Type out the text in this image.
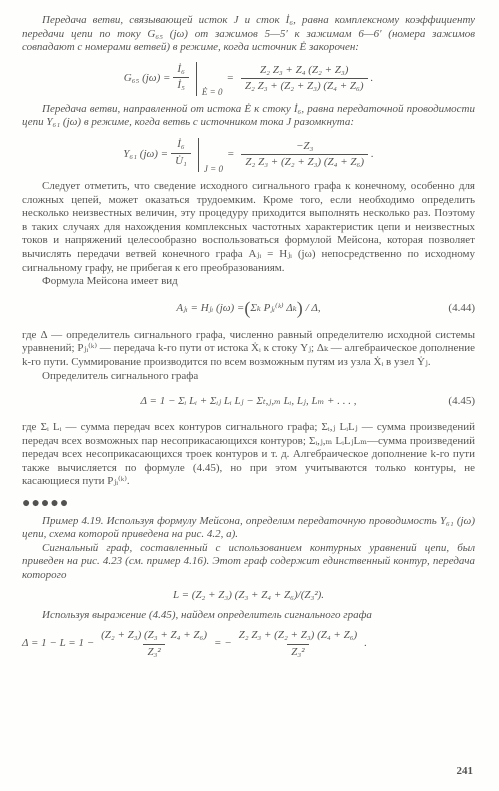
Передача ветви, связывающей исток J и сток İ₆, равна комплексному коэффициенту передачи цепи по току G₆₅ (jω) от зажимов 5—5′ к зажимам 6—6′ (номера зажимов совпадают с номерами ветвей) в режиме, когда источник Ė закорочен:

G₆₅ $(j\omega) = \frac{\text{İ₆}}{\text{İ₅}}$ Ė = 0
= $\frac{\text{Z₂ Z₃ + Z₄ (Z₂ + Z₃)}}{\text{Z₂ Z₃ + (Z₂ + Z₃) (Z₄ + Z₆)}}$ .

Передача ветви, направленной от истока Ė к стоку İ₆, равна передаточной проводимости цепи Y₆₁ (jω) в режиме, когда ветвь с источником тока J разомкнута:

Y₆₁ $(j\omega) = \frac{\text{İ₆}}{\text{U̇₁}}$
J = 0
= $\frac{\text{−Z₃}}{\text{Z₂ Z₃ + (Z₂ + Z₃) (Z₄ + Z₆)}}$ .

Следует отметить, что сведение исходного сигнального графа к конечному, особенно для сложных цепей, может оказаться трудоемким. Кроме того, если необходимо определить несколько неизвестных величин, эту процедуру приходится выполнять несколько раз. Поэтому в таких случаях для нахождения комплексных частотных характеристик цепи и неизвестных токов и напряжений целесообразно воспользоваться формулой Мейсона, которая позволяет вычислять передачи ветвей конечного графа Aⱼᵢ = Hⱼᵢ (jω) непосредственно по исходному сигнальному графу, не прибегая к его преобразованиям.

Формула Мейсона имеет вид

Aⱼᵢ = Hⱼᵢ (jω) = ( Σₖ Pⱼᵢ⁽ᵏ⁾ Δₖ ) / Δ,	(4.44)

где Δ — определитель сигнального графа, численно равный определителю исходной системы уравнений; Pⱼᵢ⁽ᵏ⁾ — передача k-го пути от истока Ẋᵢ к стоку Yⱼ; Δₖ — алгебраическое дополнение k-го пути. Суммирование производится по всем возможным путям из узла Ẋᵢ в узел Ẏⱼ.

Определитель сигнального графа

Δ = 1 − Σᵢ Lᵢ + Σᵢⱼ Lᵢ Lⱼ − Σₜ,ⱼ,ₘ Lᵢ, Lⱼ, Lₘ + . . . ,	(4.45)

где Σᵢ Lᵢ — сумма передач всех контуров сигнального графа; Σᵢ,ⱼ LᵢLⱼ — сумма произведений передач всех возможных пар несоприкасающихся контуров; Σᵢ,ⱼ,ₘ LᵢLⱼLₘ—сумма произведений передач всех несоприкасающихся троек контуров и т. д. Алгебраическое дополнение k-го пути также вычисляется по формуле (4.45), но при этом учитываются только контуры, не касающиеся пути Pⱼᵢ⁽ᵏ⁾.

●●●●●

Пример 4.19. Используя формулу Мейсона, определим передаточную проводимость Y₆₁ (jω) цепи, схема которой приведена на рис. 4.2, а).

Сигнальный граф, составленный с использованием контурных уравнений цепи, был приведен на рис. 4.23 (см. пример 4.16). Этот граф содержит единственный контур, передача которого

L = (Z₂ + Z₃) (Z₃ + Z₄ + Z₆)/(Z₃²).

Используя выражение (4.45), найдем определитель сигнального графа

$\Delta = 1 - L = 1 - \frac{\text{(Z₂ + Z₃) (Z₃ + Z₄ + Z₆)}}{\text{Z₃²}}$ = − $\frac{\text{Z₂ Z₃ + (Z₂ + Z₃) (Z₄ + Z₆)}}{\text{Z₃²}}$ .
241
